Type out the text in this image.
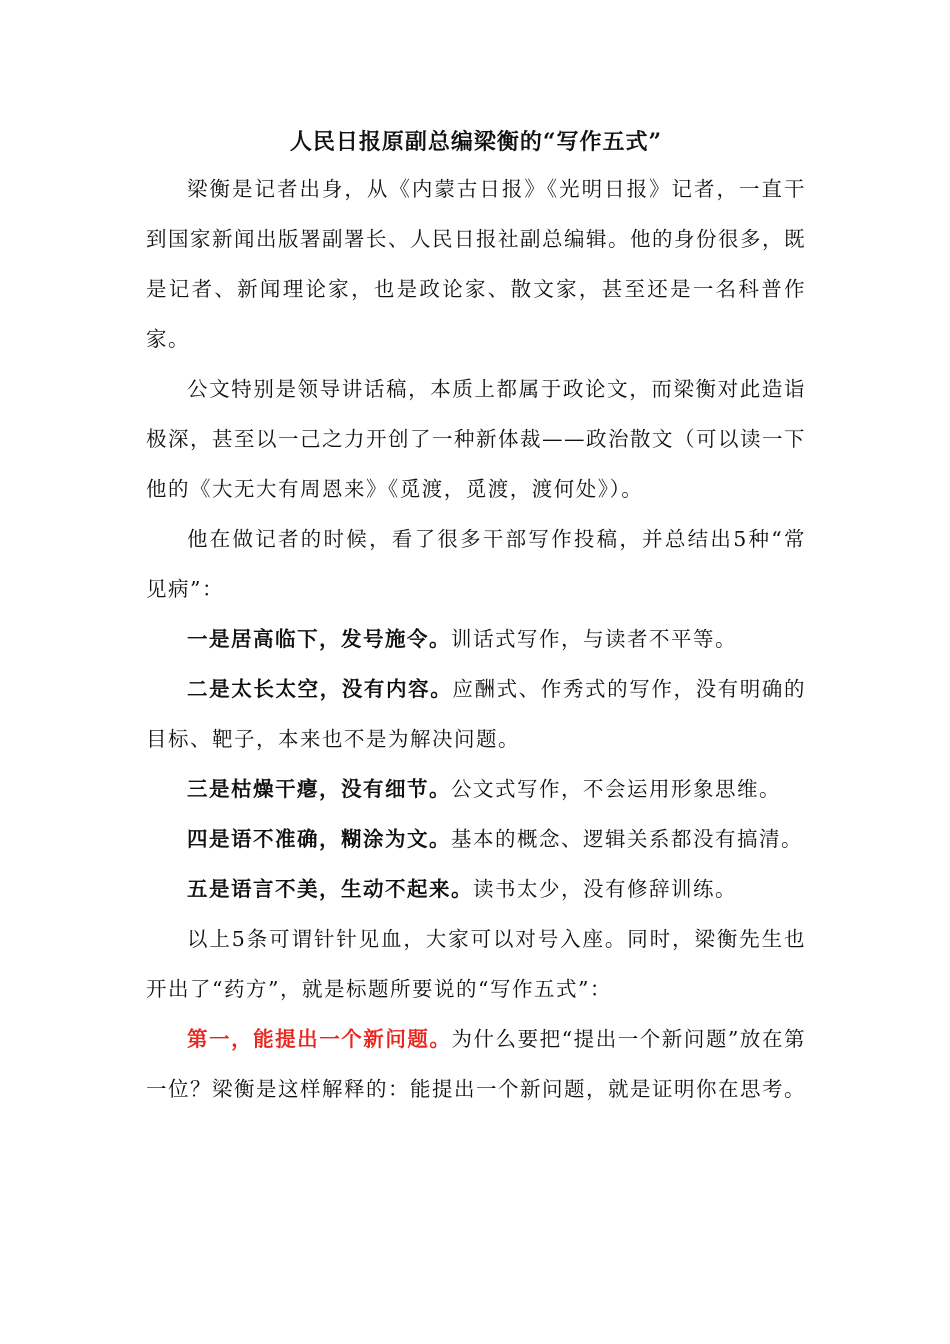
人民日报原副总编梁衡的“写作五式”

梁衡是记者出身，从《内蒙古日报》《光明日报》记者，一直干到国家新闻出版署副署长、人民日报社副总编辑。他的身份很多，既是记者、新闻理论家，也是政论家、散文家，甚至还是一名科普作家。

公文特别是领导讲话稿，本质上都属于政论文，而梁衡对此造诣极深，甚至以一己之力开创了一种新体裁——政治散文（可以读一下他的《大无大有周恩来》《觅渡，觅渡，渡何处》）。

他在做记者的时候，看了很多干部写作投稿，并总结出5种“常见病”：

一是居高临下，发号施令。训话式写作，与读者不平等。

二是太长太空，没有内容。应酬式、作秀式的写作，没有明确的目标、靶子，本来也不是为解决问题。

三是枯燥干瘪，没有细节。公文式写作，不会运用形象思维。

四是语不准确，糊涂为文。基本的概念、逻辑关系都没有搞清。

五是语言不美，生动不起来。读书太少，没有修辞训练。

以上5条可谓针针见血，大家可以对号入座。同时，梁衡先生也开出了“药方”，就是标题所要说的“写作五式”：

第一，能提出一个新问题。为什么要把“提出一个新问题”放在第一位？梁衡是这样解释的：能提出一个新问题，就是证明你在思考。
